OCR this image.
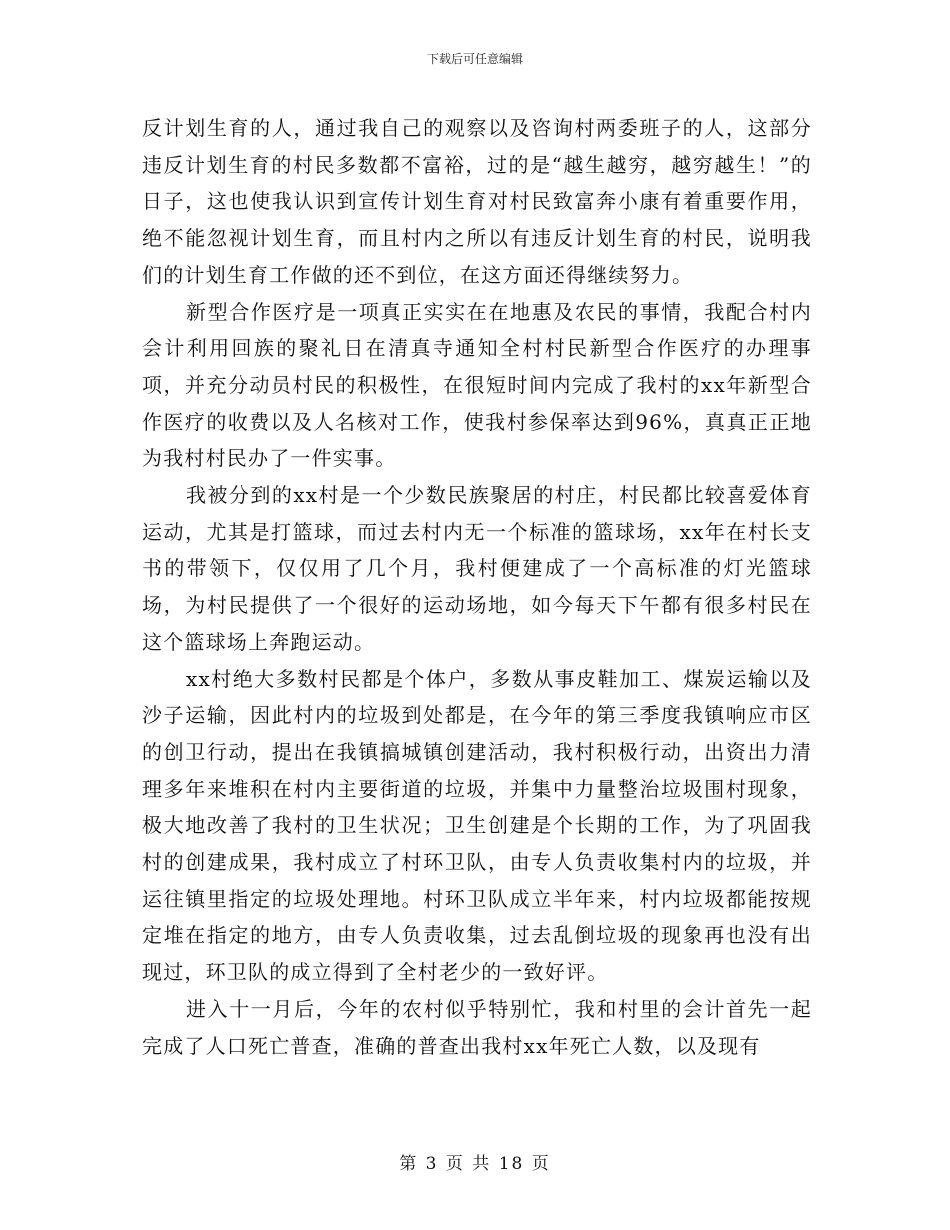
下载后可任意编辑

反计划生育的人，通过我自己的观察以及咨询村两委班子的人，这部分违反计划生育的村民多数都不富裕，过的是“越生越穷，越穷越生！”的日子，这也使我认识到宣传计划生育对村民致富奔小康有着重要作用，绝不能忽视计划生育，而且村内之所以有违反计划生育的村民，说明我们的计划生育工作做的还不到位，在这方面还得继续努力。

新型合作医疗是一项真正实实在在地惠及农民的事情，我配合村内会计利用回族的聚礼日在清真寺通知全村村民新型合作医疗的办理事项，并充分动员村民的积极性，在很短时间内完成了我村的xx年新型合作医疗的收费以及人名核对工作，使我村参保率达到96%，真真正正地为我村村民办了一件实事。

我被分到的xx村是一个少数民族聚居的村庄，村民都比较喜爱体育运动，尤其是打篮球，而过去村内无一个标准的篮球场，xx年在村长支书的带领下，仅仅用了几个月，我村便建成了一个高标准的灯光篮球场，为村民提供了一个很好的运动场地，如今每天下午都有很多村民在这个篮球场上奔跑运动。

xx村绝大多数村民都是个体户，多数从事皮鞋加工、煤炭运输以及沙子运输，因此村内的垃圾到处都是，在今年的第三季度我镇响应市区的创卫行动，提出在我镇搞城镇创建活动，我村积极行动，出资出力清理多年来堆积在村内主要街道的垃圾，并集中力量整治垃圾围村现象，极大地改善了我村的卫生状况；卫生创建是个长期的工作，为了巩固我村的创建成果，我村成立了村环卫队，由专人负责收集村内的垃圾，并运往镇里指定的垃圾处理地。村环卫队成立半年来，村内垃圾都能按规定堆在指定的地方，由专人负责收集，过去乱倒垃圾的现象再也没有出现过，环卫队的成立得到了全村老少的一致好评。

进入十一月后，今年的农村似乎特别忙，我和村里的会计首先一起完成了人口死亡普查，准确的普查出我村xx年死亡人数，以及现有

第 3 页 共 18 页
